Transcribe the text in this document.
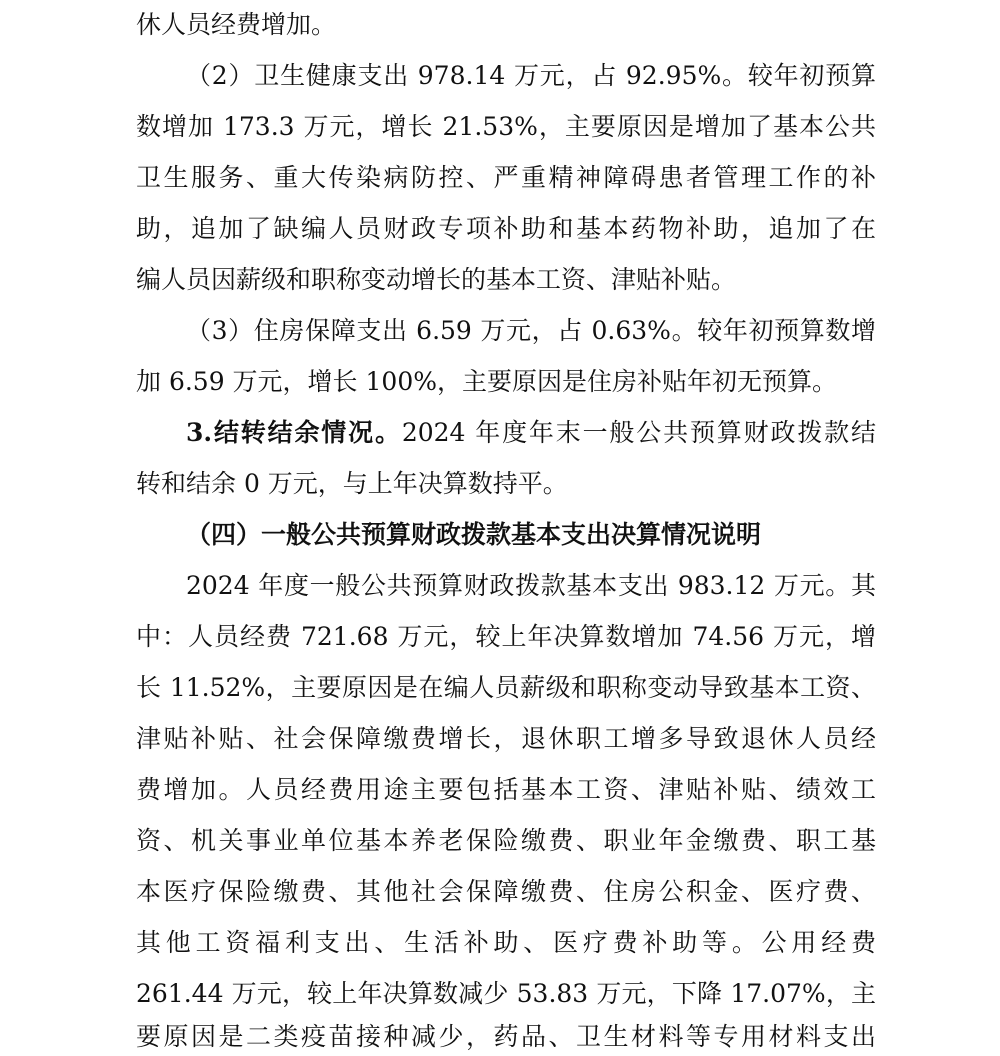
休人员经费增加。
（2）卫生健康支出 978.14 万元，占 92.95%。较年初预算
数增加 173.3 万元，增长 21.53%，主要原因是增加了基本公共
卫生服务、重大传染病防控、严重精神障碍患者管理工作的补
助，追加了缺编人员财政专项补助和基本药物补助，追加了在
编人员因薪级和职称变动增长的基本工资、津贴补贴。
（3）住房保障支出 6.59 万元，占 0.63%。较年初预算数增
加 6.59 万元，增长 100%，主要原因是住房补贴年初无预算。
3.结转结余情况。2024 年度年末一般公共预算财政拨款结
转和结余 0 万元，与上年决算数持平。
（四）一般公共预算财政拨款基本支出决算情况说明
2024 年度一般公共预算财政拨款基本支出 983.12 万元。其
中：人员经费 721.68 万元，较上年决算数增加 74.56 万元，增
长 11.52%，主要原因是在编人员薪级和职称变动导致基本工资、
津贴补贴、社会保障缴费增长，退休职工增多导致退休人员经
费增加。人员经费用途主要包括基本工资、津贴补贴、绩效工
资、机关事业单位基本养老保险缴费、职业年金缴费、职工基
本医疗保险缴费、其他社会保障缴费、住房公积金、医疗费、
其他工资福利支出、生活补助、医疗费补助等。公用经费
261.44 万元，较上年决算数减少 53.83 万元，下降 17.07%，主
要原因是二类疫苗接种减少，药品、卫生材料等专用材料支出
